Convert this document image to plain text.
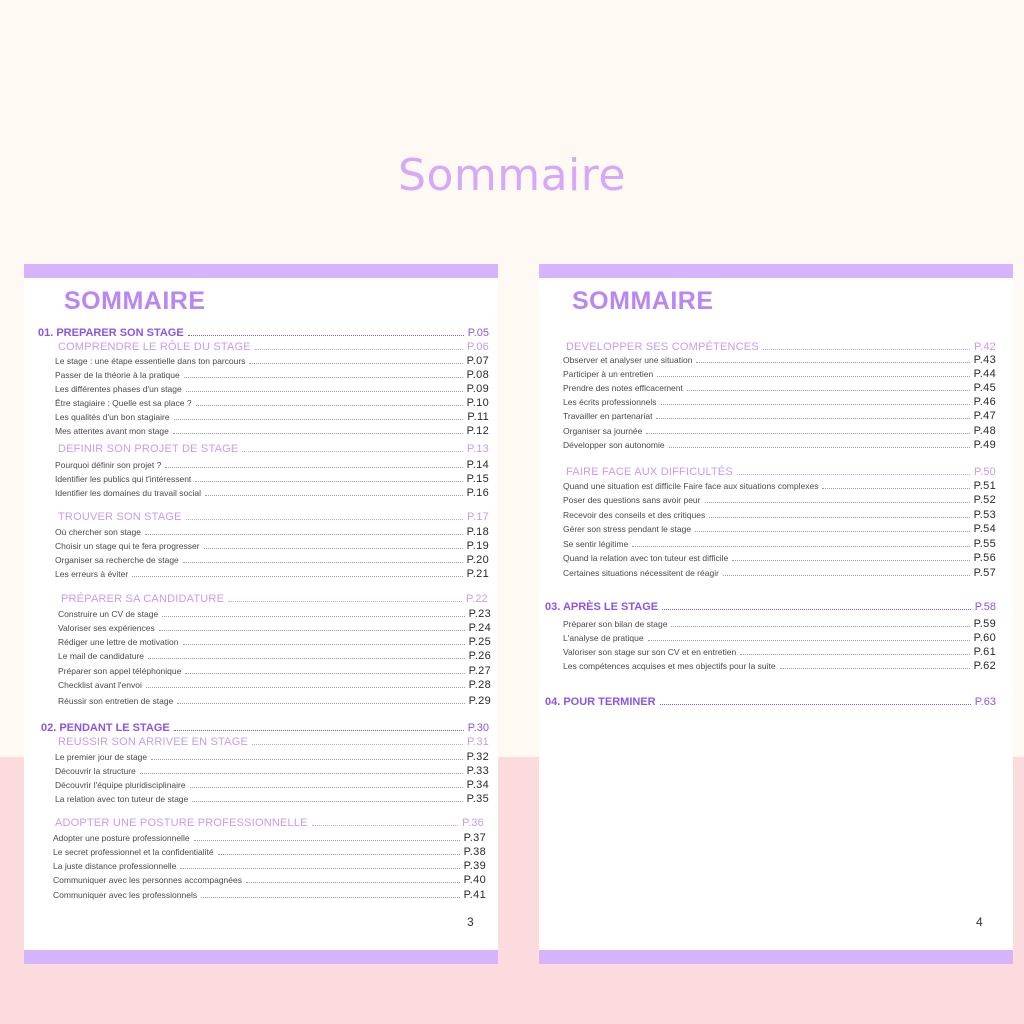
Sommaire
SOMMAIRE
01. PREPARER SON STAGE	P.05
COMPRENDRE LE RÔLE DU STAGE	P.06
Le stage : une étape essentielle dans ton parcours	P.07
Passer de la théorie à la pratique	P.08
Les différentes phases d'un stage	P.09
Être stagiaire : Quelle est sa place ?	P.10
Les qualités d'un bon stagiaire	P.11
Mes attentes avant mon stage	P.12
DEFINIR SON PROJET DE STAGE	P.13
Pourquoi définir son projet ?	P.14
Identifier les publics qui t'intéressent	P.15
Identifier les domaines du travail social	P.16
TROUVER SON STAGE	P.17
Où chercher son stage	P.18
Choisir un stage qui te fera progresser	P.19
Organiser sa recherche de stage	P.20
Les erreurs à éviter	P.21
PRÉPARER SA CANDIDATURE	P.22
Construire un CV de stage	P.23
Valoriser ses expériences	P.24
Rédiger une lettre de motivation	P.25
Le mail de candidature	P.26
Préparer son appel téléphonique	P.27
Checklist avant l'envoi	P.28
Réussir son entretien de stage	P.29
02. PENDANT LE STAGE	P.30
REUSSIR SON ARRIVEE EN STAGE	P.31
Le premier jour de stage	P.32
Découvrir la structure	P.33
Découvrir l'équipe pluridisciplinaire	P.34
La relation avec ton tuteur de stage	P.35
ADOPTER UNE POSTURE PROFESSIONNELLE	P.36
Adopter une posture professionnelle	P.37
Le secret professionnel et la confidentialité	P.38
La juste distance professionnelle	P.39
Communiquer avec les personnes accompagnées	P.40
Communiquer avec les professionnels	P.41
3
SOMMAIRE
DEVELOPPER SES COMPÉTENCES	P.42
Observer et analyser une situation	P.43
Participer à un entretien	P.44
Prendre des notes efficacement	P.45
Les écrits professionnels	P.46
Travailler en partenariat	P.47
Organiser sa journée	P.48
Développer son autonomie	P.49
FAIRE FACE AUX DIFFICULTÉS	P.50
Quand une situation est difficile Faire face aux situations complexes	P.51
Poser des questions sans avoir peur	P.52
Recevoir des conseils et des critiques	P.53
Gérer son stress pendant le stage	P.54
Se sentir légitime	P.55
Quand la relation avec ton tuteur est difficile	P.56
Certaines situations nécessitent de réagir	P.57
03. APRÈS LE STAGE	P.58
Préparer son bilan de stage	P.59
L'analyse de pratique	P.60
Valoriser son stage sur son CV et en entretien	P.61
Les compétences acquises et mes objectifs pour la suite	P.62
04. POUR TERMINER	P.63
4
